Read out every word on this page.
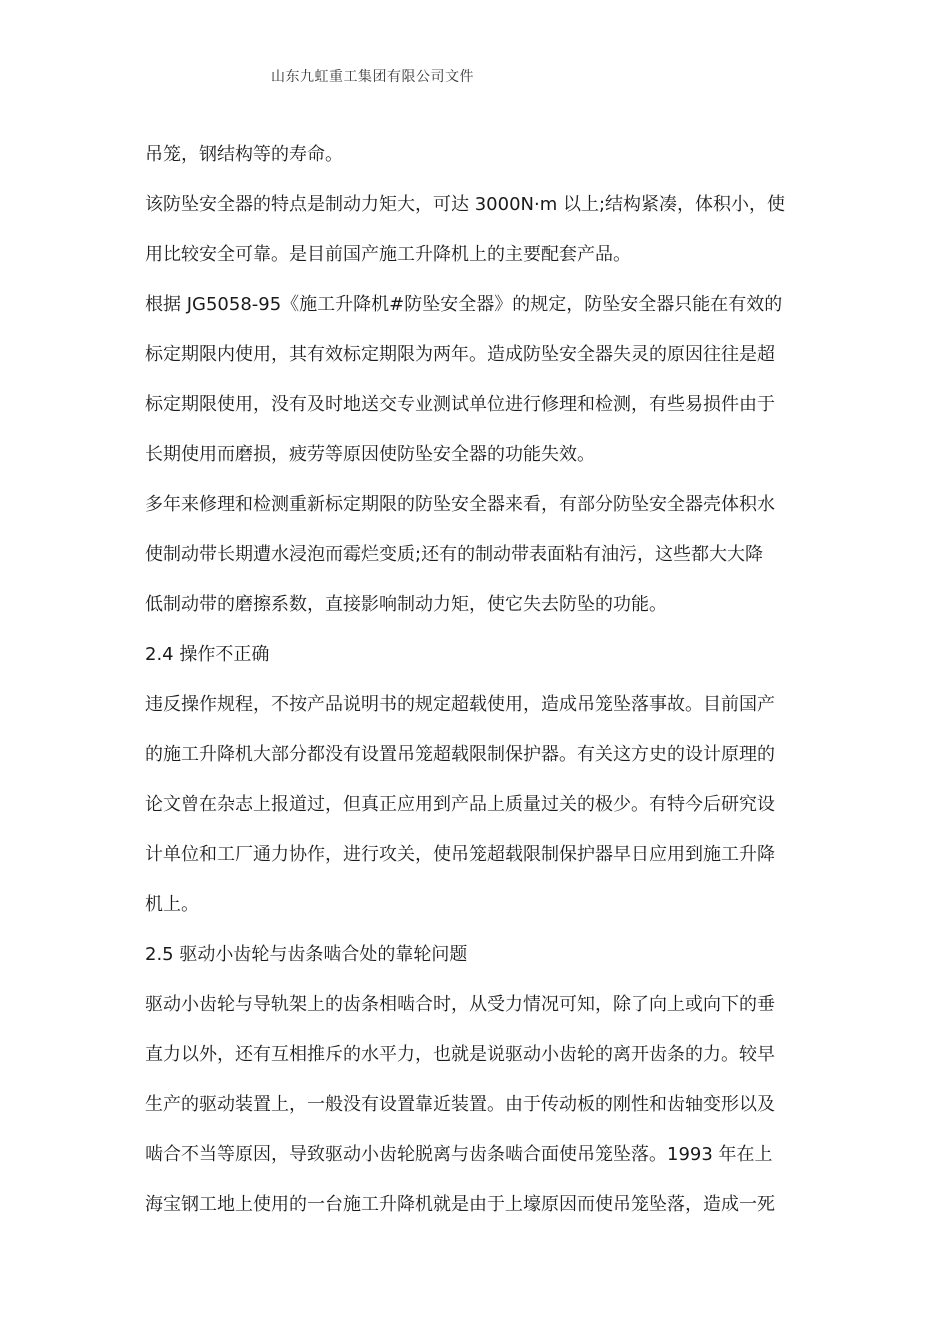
山东九虹重工集团有限公司文件
吊笼，钢结构等的寿命。
该防坠安全器的特点是制动力矩大，可达 3000N·m 以上;结构紧凑，体积小，使
用比较安全可靠。是目前国产施工升降机上的主要配套产品。
根据 JG5058-95《施工升降机#防坠安全器》的规定，防坠安全器只能在有效的
标定期限内使用，其有效标定期限为两年。造成防坠安全器失灵的原因往往是超
标定期限使用，没有及时地送交专业测试单位进行修理和检测，有些易损件由于
长期使用而磨损，疲劳等原因使防坠安全器的功能失效。
多年来修理和检测重新标定期限的防坠安全器来看，有部分防坠安全器壳体积水
使制动带长期遭水浸泡而霉烂变质;还有的制动带表面粘有油污，这些都大大降
低制动带的磨擦系数，直接影响制动力矩，使它失去防坠的功能。
2.4 操作不正确
违反操作规程，不按产品说明书的规定超载使用，造成吊笼坠落事故。目前国产
的施工升降机大部分都没有设置吊笼超载限制保护器。有关这方史的设计原理的
论文曾在杂志上报道过，但真正应用到产品上质量过关的极少。有特今后研究设
计单位和工厂通力协作，进行攻关，使吊笼超载限制保护器早日应用到施工升降
机上。
2.5 驱动小齿轮与齿条啮合处的靠轮问题
驱动小齿轮与导轨架上的齿条相啮合时，从受力情况可知，除了向上或向下的垂
直力以外，还有互相推斥的水平力，也就是说驱动小齿轮的离开齿条的力。较早
生产的驱动装置上，一般没有设置靠近装置。由于传动板的刚性和齿轴变形以及
啮合不当等原因，导致驱动小齿轮脱离与齿条啮合面使吊笼坠落。1993 年在上
海宝钢工地上使用的一台施工升降机就是由于上壕原因而使吊笼坠落，造成一死
